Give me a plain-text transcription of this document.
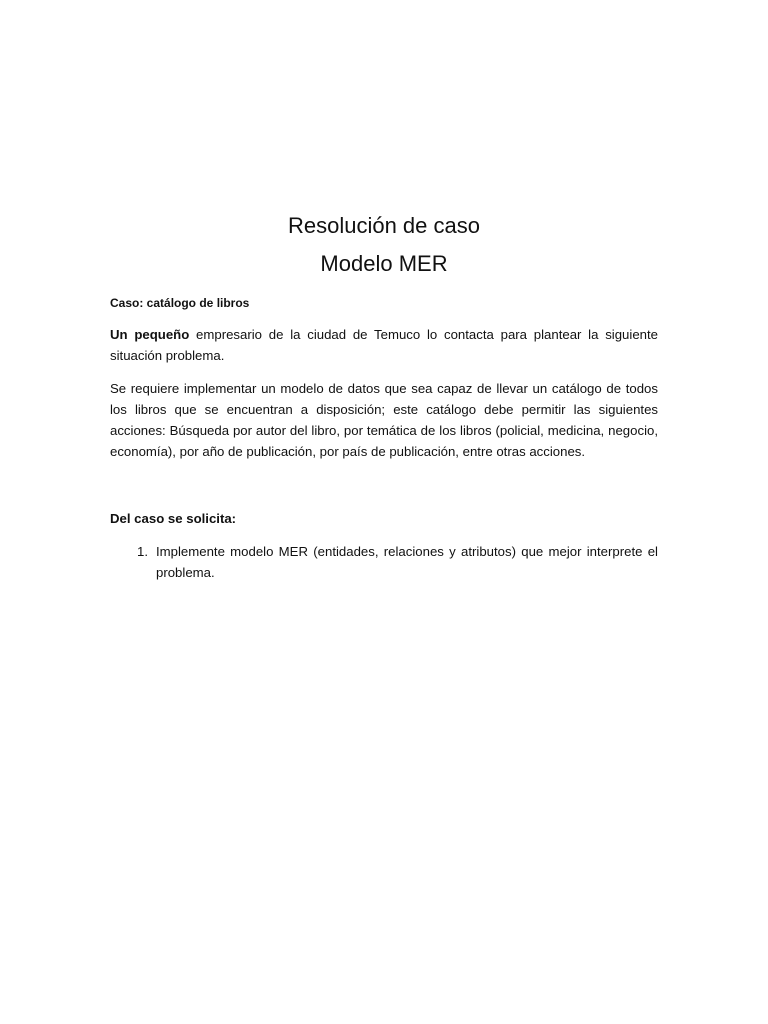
Resolución de caso
Modelo MER

Caso: catálogo de libros

Un pequeño empresario de la ciudad de Temuco lo contacta para plantear la siguiente situación problema.

Se requiere implementar un modelo de datos que sea capaz de llevar un catálogo de todos los libros que se encuentran a disposición; este catálogo debe permitir las siguientes acciones: Búsqueda por autor del libro, por temática de los libros (policial, medicina, negocio, economía), por año de publicación, por país de publicación, entre otras acciones.

Del caso se solicita:

1. Implemente modelo MER (entidades, relaciones y atributos) que mejor interprete el problema.
